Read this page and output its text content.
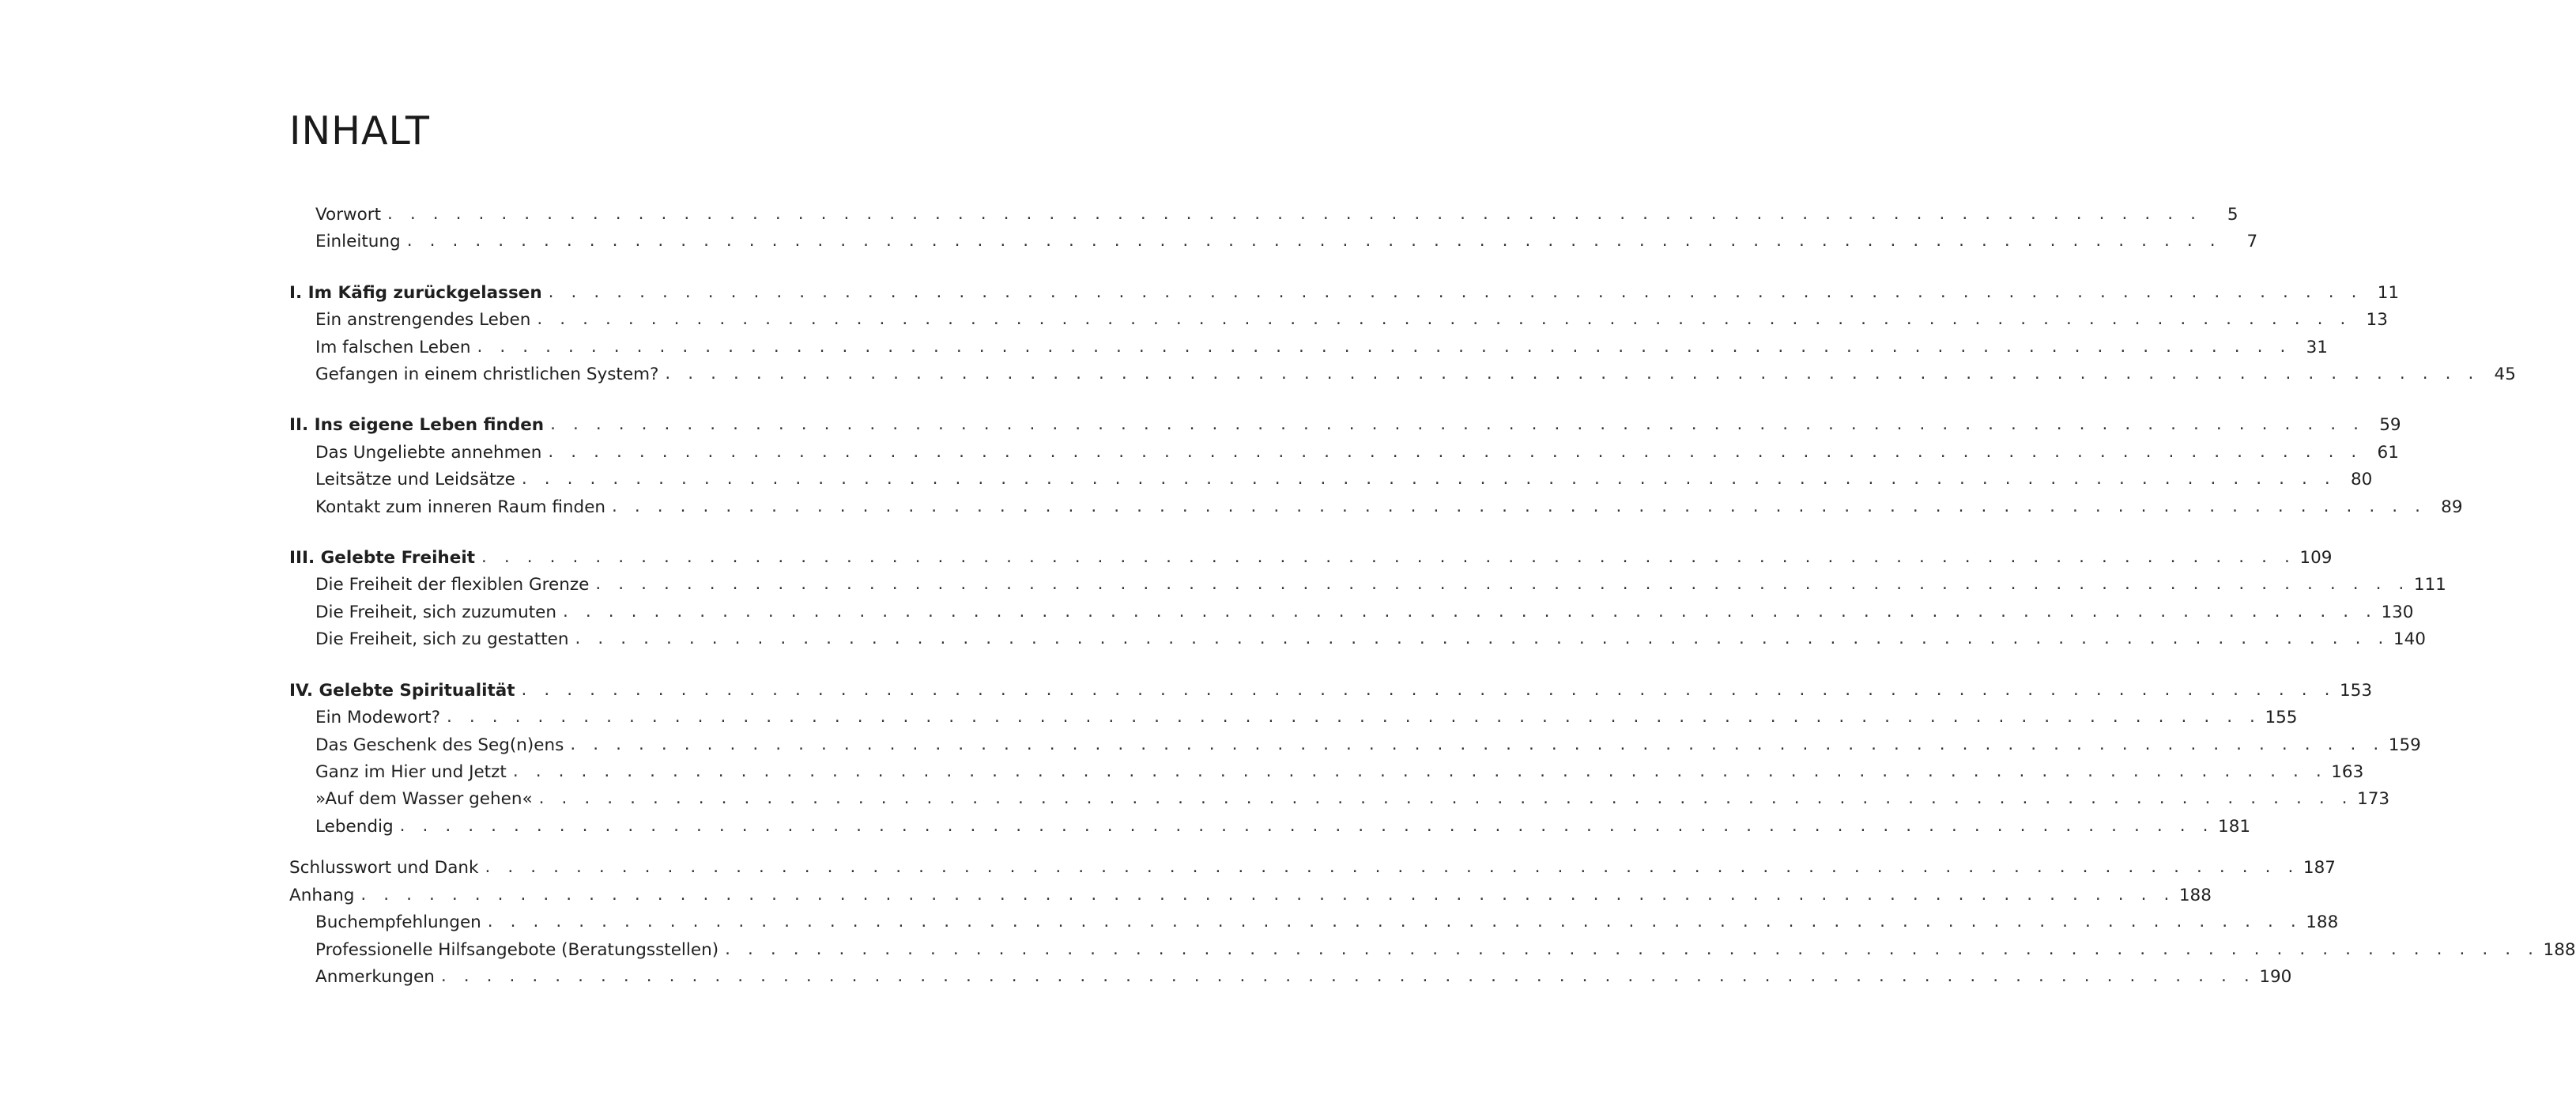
INHALT
Vorwort . . . . . . . . . . . . . . . . . . . . . . . . . . . . . . . . . . . . . . . . . . . . . . . . . . . . . . . . . . . . . . . . . . . . . . . . . . . . . . . .	5
Einleitung . . . . . . . . . . . . . . . . . . . . . . . . . . . . . . . . . . . . . . . . . . . . . . . . . . . . . . . . . . . . . . . . . . . . . . . . . . . . . . . .	7
I. Im Käfig zurückgelassen . . . . . . . . . . . . . . . . . . . . . . . . . . . . . . . . . . . . . . . . . . . . . . . . . . . . . . . . . . . . . . . . . . . . . . . . . . . . . . . . 11
Ein anstrengendes Leben . . . . . . . . . . . . . . . . . . . . . . . . . . . . . . . . . . . . . . . . . . . . . . . . . . . . . . . . . . . . . . . . . . . . . . . . . . . . . . . . 13
Im falschen Leben . . . . . . . . . . . . . . . . . . . . . . . . . . . . . . . . . . . . . . . . . . . . . . . . . . . . . . . . . . . . . . . . . . . . . . . . . . . . . . . . 31
Gefangen in einem christlichen System? . . . . . . . . . . . . . . . . . . . . . . . . . . . . . . . . . . . . . . . . . . . . . . . . . . . . . . . . . . . . . . . . . . . . . . . . . . . . . . . . 45
II. Ins eigene Leben finden . . . . . . . . . . . . . . . . . . . . . . . . . . . . . . . . . . . . . . . . . . . . . . . . . . . . . . . . . . . . . . . . . . . . . . . . . . . . . . . . 59
Das Ungeliebte annehmen . . . . . . . . . . . . . . . . . . . . . . . . . . . . . . . . . . . . . . . . . . . . . . . . . . . . . . . . . . . . . . . . . . . . . . . . . . . . . . . . 61
Leitsätze und Leidsätze . . . . . . . . . . . . . . . . . . . . . . . . . . . . . . . . . . . . . . . . . . . . . . . . . . . . . . . . . . . . . . . . . . . . . . . . . . . . . . . . 80
Kontakt zum inneren Raum finden . . . . . . . . . . . . . . . . . . . . . . . . . . . . . . . . . . . . . . . . . . . . . . . . . . . . . . . . . . . . . . . . . . . . . . . . . . . . . . . . 89
III. Gelebte Freiheit . . . . . . . . . . . . . . . . . . . . . . . . . . . . . . . . . . . . . . . . . . . . . . . . . . . . . . . . . . . . . . . . . . . . . . . . . . . . . . . . 109
Die Freiheit der flexiblen Grenze . . . . . . . . . . . . . . . . . . . . . . . . . . . . . . . . . . . . . . . . . . . . . . . . . . . . . . . . . . . . . . . . . . . . . . . . . . . . . . . . 111
Die Freiheit, sich zuzumuten . . . . . . . . . . . . . . . . . . . . . . . . . . . . . . . . . . . . . . . . . . . . . . . . . . . . . . . . . . . . . . . . . . . . . . . . . . . . . . . . 130
Die Freiheit, sich zu gestatten . . . . . . . . . . . . . . . . . . . . . . . . . . . . . . . . . . . . . . . . . . . . . . . . . . . . . . . . . . . . . . . . . . . . . . . . . . . . . . . . 140
IV. Gelebte Spiritualität . . . . . . . . . . . . . . . . . . . . . . . . . . . . . . . . . . . . . . . . . . . . . . . . . . . . . . . . . . . . . . . . . . . . . . . . . . . . . . . . 153
Ein Modewort? . . . . . . . . . . . . . . . . . . . . . . . . . . . . . . . . . . . . . . . . . . . . . . . . . . . . . . . . . . . . . . . . . . . . . . . . . . . . . . . . 155
Das Geschenk des Seg(n)ens . . . . . . . . . . . . . . . . . . . . . . . . . . . . . . . . . . . . . . . . . . . . . . . . . . . . . . . . . . . . . . . . . . . . . . . . . . . . . . . . 159
Ganz im Hier und Jetzt . . . . . . . . . . . . . . . . . . . . . . . . . . . . . . . . . . . . . . . . . . . . . . . . . . . . . . . . . . . . . . . . . . . . . . . . . . . . . . . . 163
»Auf dem Wasser gehen« . . . . . . . . . . . . . . . . . . . . . . . . . . . . . . . . . . . . . . . . . . . . . . . . . . . . . . . . . . . . . . . . . . . . . . . . . . . . . . . . 173
Lebendig . . . . . . . . . . . . . . . . . . . . . . . . . . . . . . . . . . . . . . . . . . . . . . . . . . . . . . . . . . . . . . . . . . . . . . . . . . . . . . . . 181
Schlusswort und Dank . . . . . . . . . . . . . . . . . . . . . . . . . . . . . . . . . . . . . . . . . . . . . . . . . . . . . . . . . . . . . . . . . . . . . . . . . . . . . . . . 187
Anhang . . . . . . . . . . . . . . . . . . . . . . . . . . . . . . . . . . . . . . . . . . . . . . . . . . . . . . . . . . . . . . . . . . . . . . . . . . . . . . . . 188
Buchempfehlungen . . . . . . . . . . . . . . . . . . . . . . . . . . . . . . . . . . . . . . . . . . . . . . . . . . . . . . . . . . . . . . . . . . . . . . . . . . . . . . . . 188
Professionelle Hilfsangebote (Beratungsstellen) . . . . . . . . . . . . . . . . . . . . . . . . . . . . . . . . . . . . . . . . . . . . . . . . . . . . . . . . . . . . . . . . . . . . . . . . . . . . . . . . 188
Anmerkungen . . . . . . . . . . . . . . . . . . . . . . . . . . . . . . . . . . . . . . . . . . . . . . . . . . . . . . . . . . . . . . . . . . . . . . . . . . . . . . . . 190
